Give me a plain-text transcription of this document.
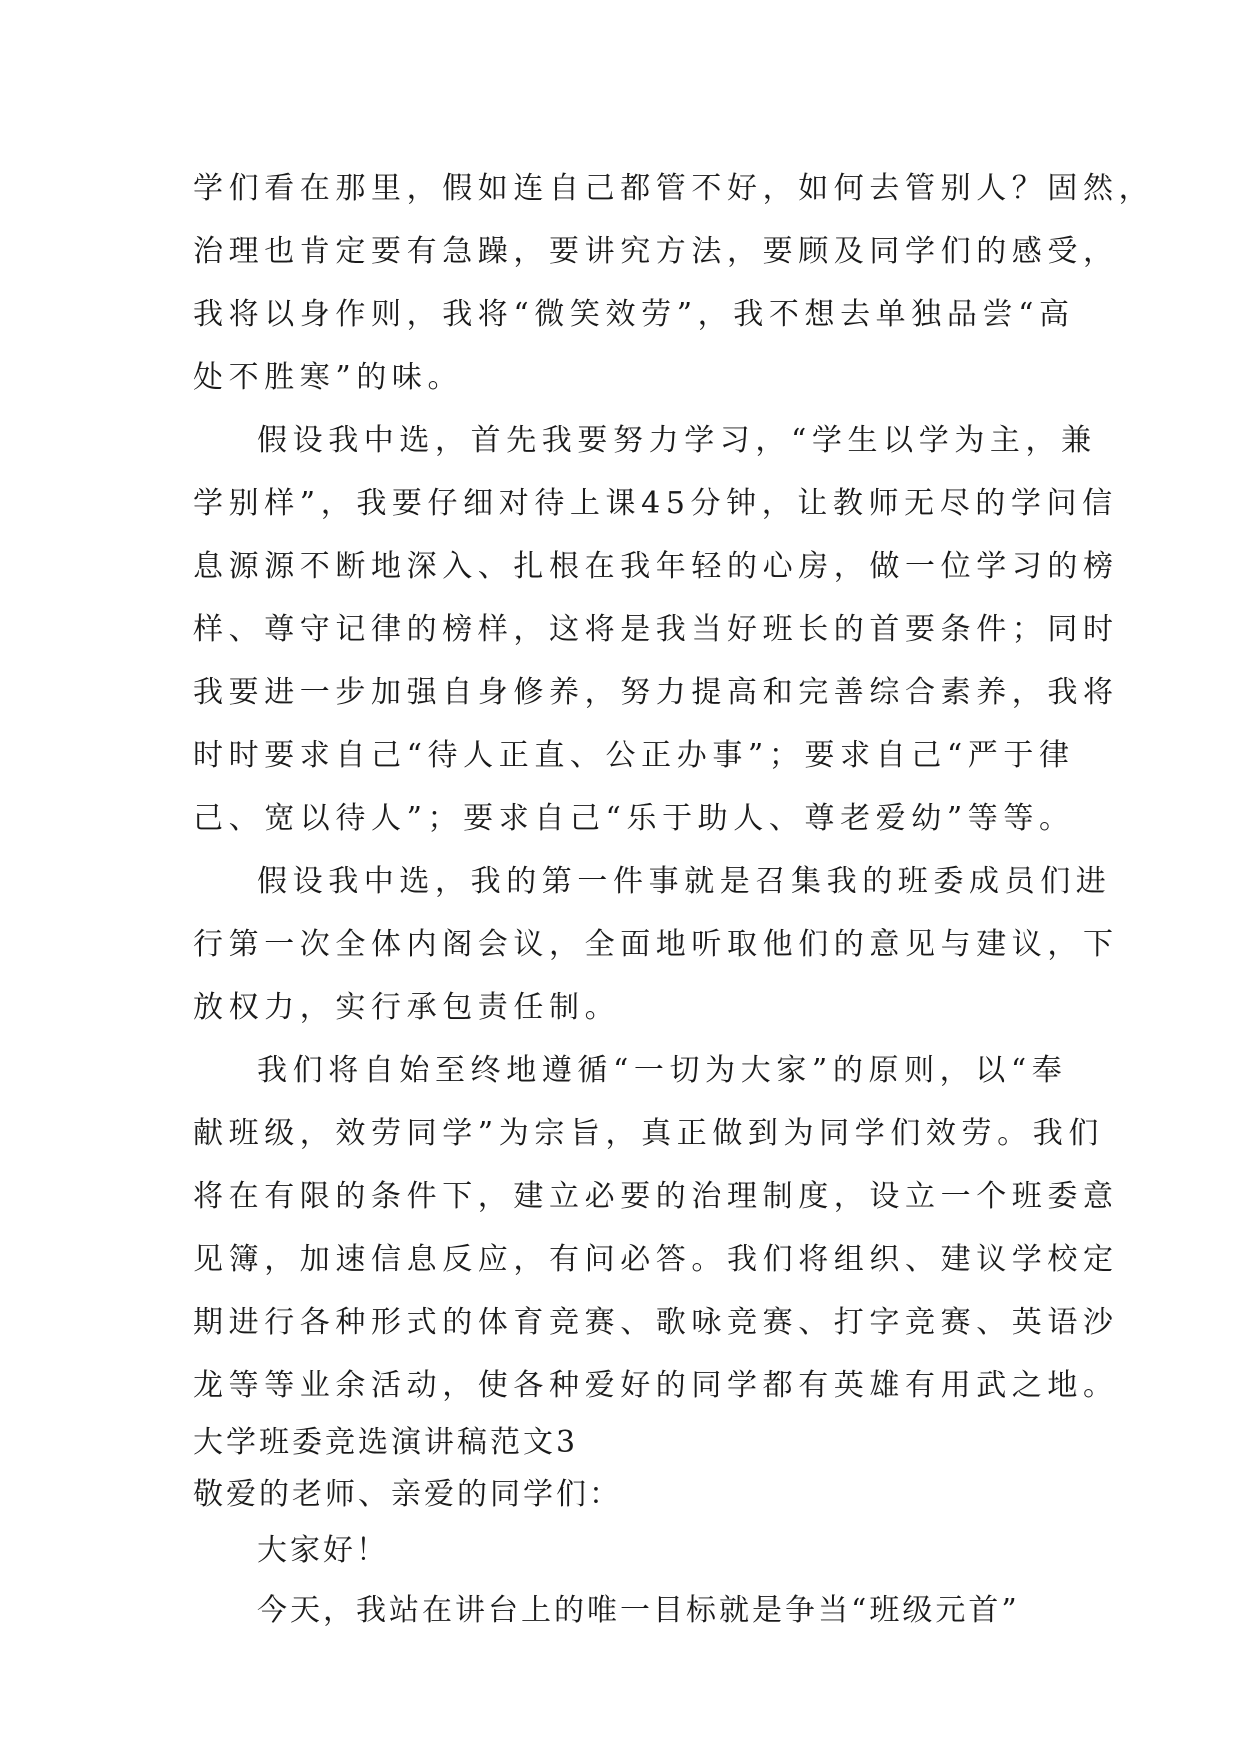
学们看在那里，假如连自己都管不好，如何去管别人？固然，
治理也肯定要有急躁，要讲究方法，要顾及同学们的感受，
我将以身作则，我将“微笑效劳”，我不想去单独品尝“高
处不胜寒”的味。
假设我中选，首先我要努力学习，“学生以学为主，兼
学别样”，我要仔细对待上课45分钟，让教师无尽的学问信
息源源不断地深入、扎根在我年轻的心房，做一位学习的榜
样、尊守记律的榜样，这将是我当好班长的首要条件；同时
我要进一步加强自身修养，努力提高和完善综合素养，我将
时时要求自己“待人正直、公正办事”；要求自己“严于律
己、宽以待人”；要求自己“乐于助人、尊老爱幼”等等。
假设我中选，我的第一件事就是召集我的班委成员们进
行第一次全体内阁会议，全面地听取他们的意见与建议，下
放权力，实行承包责任制。
我们将自始至终地遵循“一切为大家”的原则，以“奉
献班级，效劳同学”为宗旨，真正做到为同学们效劳。我们
将在有限的条件下，建立必要的治理制度，设立一个班委意
见簿，加速信息反应，有问必答。我们将组织、建议学校定
期进行各种形式的体育竞赛、歌咏竞赛、打字竞赛、英语沙
龙等等业余活动，使各种爱好的同学都有英雄有用武之地。
大学班委竞选演讲稿范文3
敬爱的老师、亲爱的同学们：
大家好！
今天，我站在讲台上的唯一目标就是争当“班级元首”
